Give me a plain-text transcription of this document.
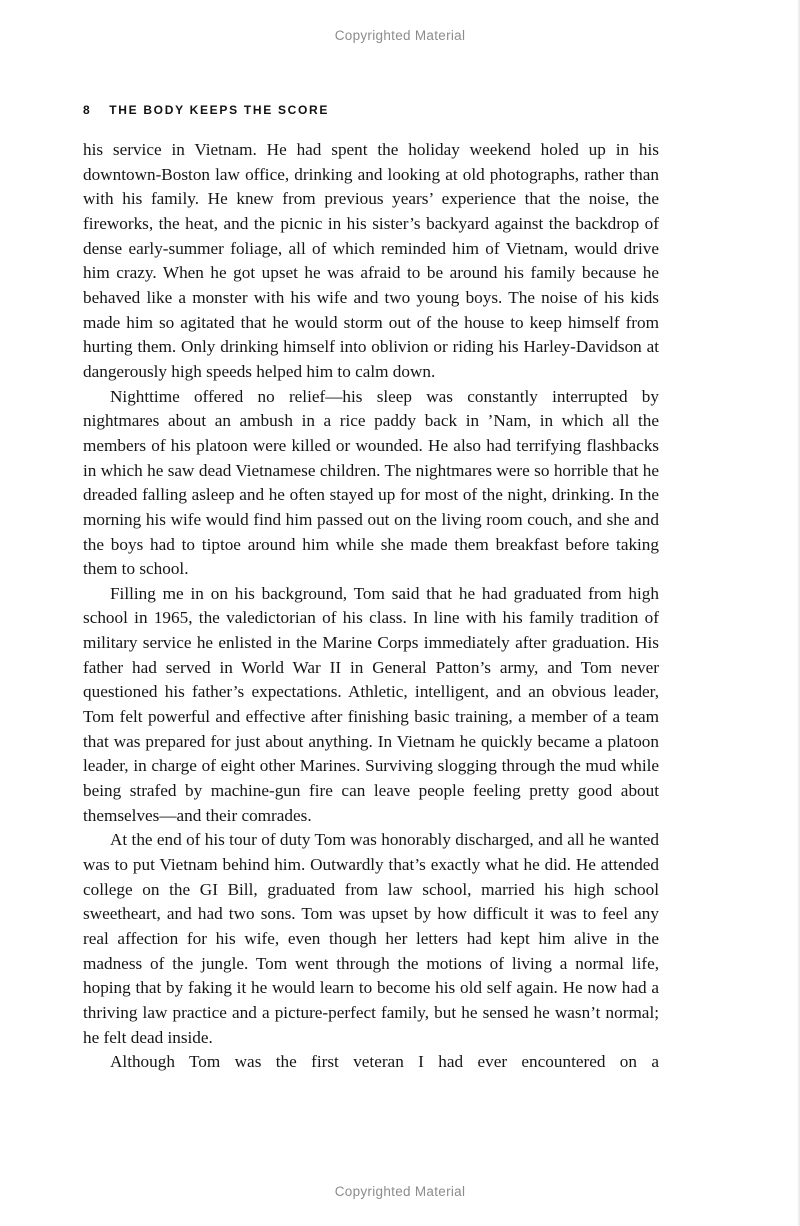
Copyrighted Material
8 THE BODY KEEPS THE SCORE

his service in Vietnam. He had spent the holiday weekend holed up in his downtown-Boston law office, drinking and looking at old photographs, rather than with his family. He knew from previous years’ experience that the noise, the fireworks, the heat, and the picnic in his sister’s backyard against the backdrop of dense early-summer foliage, all of which reminded him of Vietnam, would drive him crazy. When he got upset he was afraid to be around his family because he behaved like a monster with his wife and two young boys. The noise of his kids made him so agitated that he would storm out of the house to keep himself from hurting them. Only drinking himself into oblivion or riding his Harley-Davidson at dangerously high speeds helped him to calm down.

Nighttime offered no relief—his sleep was constantly interrupted by nightmares about an ambush in a rice paddy back in ’Nam, in which all the members of his platoon were killed or wounded. He also had terrifying flashbacks in which he saw dead Vietnamese children. The nightmares were so horrible that he dreaded falling asleep and he often stayed up for most of the night, drinking. In the morning his wife would find him passed out on the living room couch, and she and the boys had to tiptoe around him while she made them breakfast before taking them to school.

Filling me in on his background, Tom said that he had graduated from high school in 1965, the valedictorian of his class. In line with his family tradition of military service he enlisted in the Marine Corps immediately after graduation. His father had served in World War II in General Patton’s army, and Tom never questioned his father’s expectations. Athletic, intelligent, and an obvious leader, Tom felt powerful and effective after finishing basic training, a member of a team that was prepared for just about anything. In Vietnam he quickly became a platoon leader, in charge of eight other Marines. Surviving slogging through the mud while being strafed by machine-gun fire can leave people feeling pretty good about themselves—and their comrades.

At the end of his tour of duty Tom was honorably discharged, and all he wanted was to put Vietnam behind him. Outwardly that’s exactly what he did. He attended college on the GI Bill, graduated from law school, married his high school sweetheart, and had two sons. Tom was upset by how difficult it was to feel any real affection for his wife, even though her letters had kept him alive in the madness of the jungle. Tom went through the motions of living a normal life, hoping that by faking it he would learn to become his old self again. He now had a thriving law practice and a picture-perfect family, but he sensed he wasn’t normal; he felt dead inside.

Although Tom was the first veteran I had ever encountered on a

Copyrighted Material
